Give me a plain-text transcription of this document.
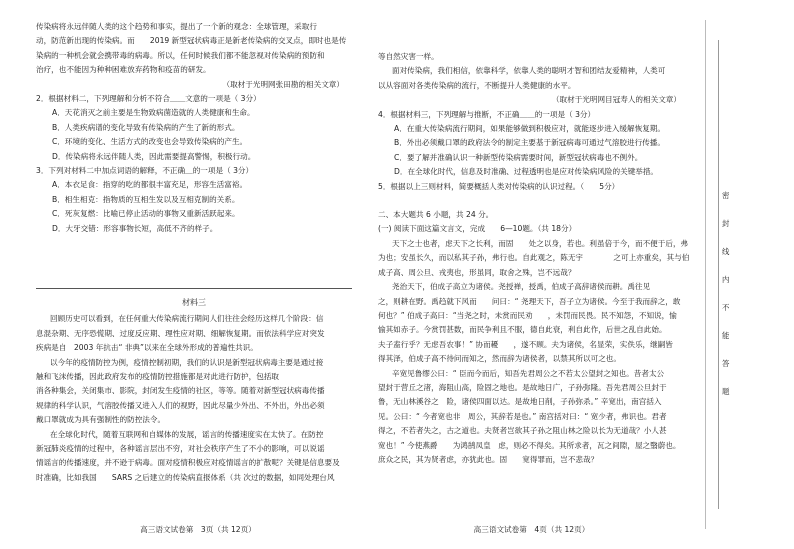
传染病将永远伴随人类的这个趋势和事实，提出了一个新的观念：全球管理，采取行

动，防范新出现的传染病。而　　2019 新型冠状病毒正是新老传染病的交叉点，即时也是传

染病的一种机会就会携带毒的病毒。所以，任何时候我们都不能忽视对传染病的预防和

治疗，也不能因为种种困难放弃药物和疫苗的研发。

（取材于光明网张田勘的相关文章）

2．根据材料二，下列理解和分析不符合＿＿文意的一项是（ 3分）

A．天花消灭之前主要是生物致病菌造就的人类健康和生命。

B．人类疾病谱的变化导致有传染病的产生了新的形式。

C．环境的变化、生活方式的改变也会导致传染病的产生。

D．传染病将永远伴随人类，因此需要提高警惕，积极行动。

3．下列对材料二中加点词语的解释，不正确＿的一项是（ 3分）

A．本衣足食：指穿的吃的都很丰富充足，形容生活富裕。

B．相生相克：指物质的互相生发以及互相克制的关系。

C．死灰复燃：比喻已停止活动的事物又重新活跃起来。

D．大牙交错：形容事物长短，高低不齐的样子。

材料三

回顾历史可以看到，在任何重大传染病流行期间人们往往会经历这样几个阶段：信

息混杂期、无序恐慌期、过度反应期、理性应对期、细解恢复期。而依法科学应对突发

疾病是自　2003 年抗击“ 非典”以来在全球外形成的普遍性共识。

以今年的疫情防控为例，疫情控制初期，我们的认识是新型冠状病毒主要是通过接

触和飞沫传播，因此政府发布的疫情防控措施都是对此进行防护，包括取

消各种集会，关闭集市、影院，封闭发生疫情的社区，等等。随着对新型冠状病毒传播

规律的科学认识，气溶胶传播又进入人们的视野，因此尽量少外出、不外出，外出必须

戴口罩就成为具有强制性的防控法令。

在全球化时代，随着互联网和自媒体的发展，谣言的传播速度实在太快了。在防控

新冠肺炎疫情的过程中，各种谣言层出不穷，对社会秩序产生了不小的影响，可以说谣

情谣言的传播速度，并不逊于病毒。面对疫情积极应对疫情谣言的扩散呢？关键是信息要及

时准确，比如我国　　SARS 之后建立的传染病直报体系（共 次过的数据，如同处理台风

高三语文试卷第　3页（共 12页）

等自然灾害一样。

面对传染病，我们相信，依靠科学，依靠人类的聪明才智和团结友爱精神，人类可

以从容面对各类传染病的流行，不断提升人类健康的水平。

（取材于光明网目冠寿人的相关文章）

4．根据材料三，下列理解与推断，不正确＿＿的一项是（ 3分）

A．在重大传染病流行期间，如果能够做到积极应对，就能逐步进入缓解恢复期。

B．外出必须戴口罩的政府法令的制定主要基于新冠病毒可通过气溶胶进行传播。

C．要了解并准确认识一种新型传染病需要时间，新型冠状病毒也不例外。

D．在全球化时代，信息及时准确、过程透明也是应对传染病风险的关键举措。

5．根据以上三则材料，简要概括人类对传染病的认识过程。（　　5分）

二、本大题共 6 小题，共 24 分。

(一) 阅读下面这篇文言文，完成　　6—10题。（共 18分）

天下之士也者，虑天下之长利，而固　　处之以身，若也。利虽倍于今，而不便于后，弗

为也；安虽长久，而以私其子孙，弗行也。自此观之，陈无宇　　　　之可上亦重矣，其与伯

成子高、周公旦、戎夷也，形虽同，取舍之殊，岂不远哉？

尧治天下，伯成子高立为诸侯。尧授禅，授禹，伯成子高辞诸侯而耕。禹往见

之，则耕在野。禹趋就下风而　　问曰：“ 尧理天下，吾子立为诸侯。今至于我而辞之，敢

何也？” 伯成子高曰：“当尧之时，未赏而民劝　　，未罚而民畏。民不知怨，不知说，愉

愉其如赤子。今赏罚甚数，而民争利且不服，德自此衰，利自此作，后世之乱自此始。

夫子盍行乎？无虑吾农事！” 协而耰　　，遂不顾。夫为诸侯，名显荣，实佚乐，继嗣皆

得其泽，伯成子高不待问而知之，然而辞为诸侯者，以禁其所以可之也。

辛宽见鲁缪公曰：“ 臣而今而后，知吾先君周公之不若太公望封之知也。昔者太公

望封于营丘之渚，海阻山高，险固之地也。是故地日广，子孙弥隆。吾先君周公旦封于

鲁，无山林溪谷之　险，诸侯四面以达。是故地日削，子孙弥杀。” 辛宽出，南宫括入

见。公曰：“ 今者宽也非　周公，其辞若是也。” 南宫括对曰：“ 宽少者，弗识也。君者

得之，不若者失之，古之道也。夫贤者岂欲其子孙之阻山林之险以长为无道哉？小人甚

宽也！” 今使燕爵　　为鸿鹄凤皇　虑，则必不得矣。其所求者，瓦之间隙，屋之翳蔚也。

庶众之民，其为贤者虑，亦犹此也。固　　宽得罪而，岂不悲哉？

高三语文试卷第　4页（共 12页）
密
封
线
内
不
能
答
题
